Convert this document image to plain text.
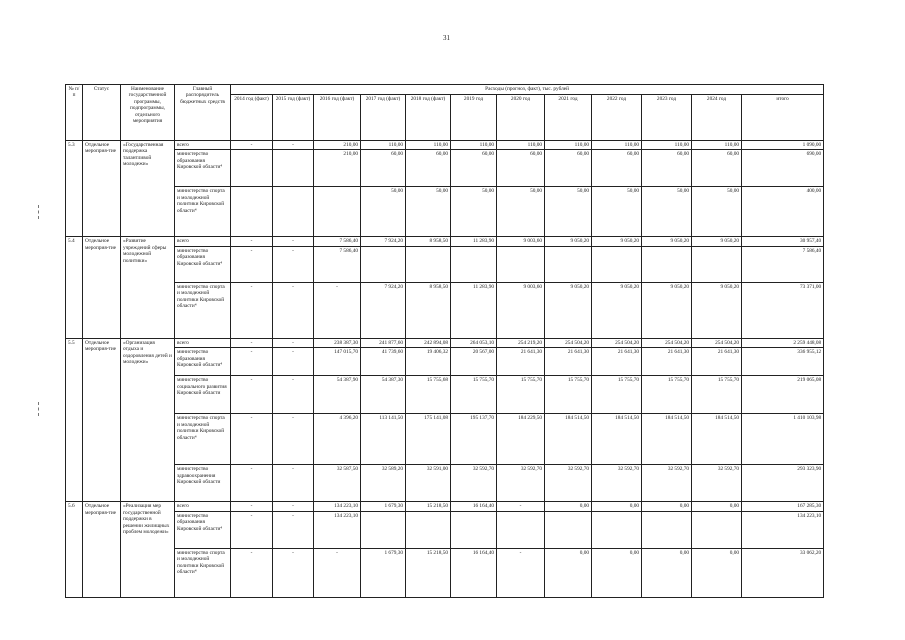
31
№ п/п	Статус	Наименование государственной программы, подпрограммы, отдельного мероприятия	Главный распорядитель бюджетных средств	Расходы (прогноз, факт), тыс. рублей											
				2014 год (факт)	2015 год (факт)	2016 год (факт)	2017 год (факт)	2018 год (факт)	2019 год	2020 год	2021 год	2022 год	2023 год	2024 год	итого
5.3	Отдельное мероприя-тие	«Государственная поддержка талантливой молодежи»	всего	-	-	210,00	110,00	110,00	110,00	110,00	110,00	110,00	110,00	110,00	1 090,00
			министерство образования Кировской области⁴			210,00	60,00	60,00	60,00	60,00	60,00	60,00	60,00	60,00	690,00
			министерство спорта и молодежной политики Кировской области⁴				50,00	50,00	50,00	50,00	50,00	50,00	50,00	50,00	400,00
5.4	Отдельное мероприя-тие	«Развитие учреждений сферы молодежной политики»	всего	-	-	7 586,40	7 924,20	8 958,50	11 283,90	9 003,60	9 050,20	9 050,20	9 050,20	9 050,20	30 957,40
			министерство образования Кировской области⁴	-	-	7 586,40									7 586,40
			министерство спорта и молодежной политики Кировской области⁴	-	-	-	7 924,20	8 958,50	11 283,90	9 003,60	9 050,20	9 050,20	9 050,20	9 050,20	73 371,00
5.5	Отдельное мероприя-тие	«Организация отдыха и оздоровления детей и молодежи»	всего	-	-	238 387,30	241 877,60	242 894,08	264 053,10	254 219,20	254 504,20	254 504,20	254 504,20	254 504,20	2 259 448,08
			министерство образования Кировской области⁴	-	-	147 015,70	41 739,60	19 406,32	20 567,00	21 641,30	21 641,30	21 641,30	21 641,30	21 641,30	336 955,12
			министерство социального развития Кировской области	-	-	54 387,90	54 387,30	15 755,68	15 755,70	15 755,70	15 755,70	15 755,70	15 755,70	15 755,70	219 065,08
			министерство спорта и молодежной политики Кировской области⁴	-	-	4 396,20	113 141,50	175 141,08	195 137,70	184 229,50	184 514,50	184 514,50	184 514,50	184 514,50	1 410 103,98
			министерство здравоохранения Кировской области	-	-	32 587,50	32 589,20	32 591,00	32 592,70	32 592,70	32 592,70	32 592,70	32 592,70	32 592,70	293 323,90
5.6	Отдельное мероприя-тие	«Реализация мер государственной поддержки в решении жилищных проблем молодежи»	всего	-	-	134 223,10	1 679,30	15 218,50	16 164,40	-	0,00	0,00	0,00	0,00	167 285,30
			министерство образования Кировской области⁴	-	-	134 223,10									134 223,10
			министерство спорта и молодежной политики Кировской области⁴	-	-	-	1 679,30	15 218,50	16 164,40	-	0,00	0,00	0,00	0,00	33 062,20
